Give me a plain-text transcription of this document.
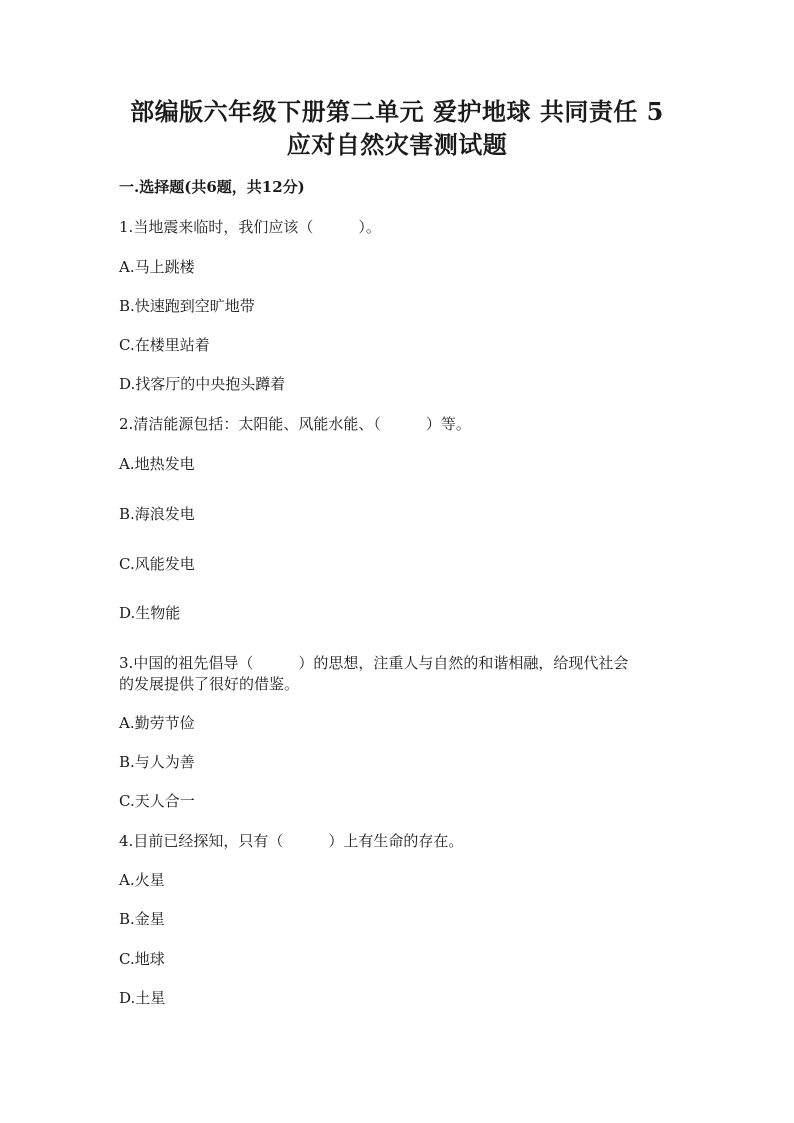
部编版六年级下册第二单元 爱护地球 共同责任 5
应对自然灾害测试题
一.选择题(共6题，共12分)
1.当地震来临时，我们应该（　　　）。
A.马上跳楼
B.快速跑到空旷地带
C.在楼里站着
D.找客厅的中央抱头蹲着
2.清洁能源包括：太阳能、风能水能、（　　　）等。
A.地热发电
B.海浪发电
C.风能发电
D.生物能
3.中国的祖先倡导（　　　）的思想，注重人与自然的和谐相融，给现代社会
的发展提供了很好的借鉴。
A.勤劳节俭
B.与人为善
C.天人合一
4.目前已经探知，只有（　　　）上有生命的存在。
A.火星
B.金星
C.地球
D.土星
